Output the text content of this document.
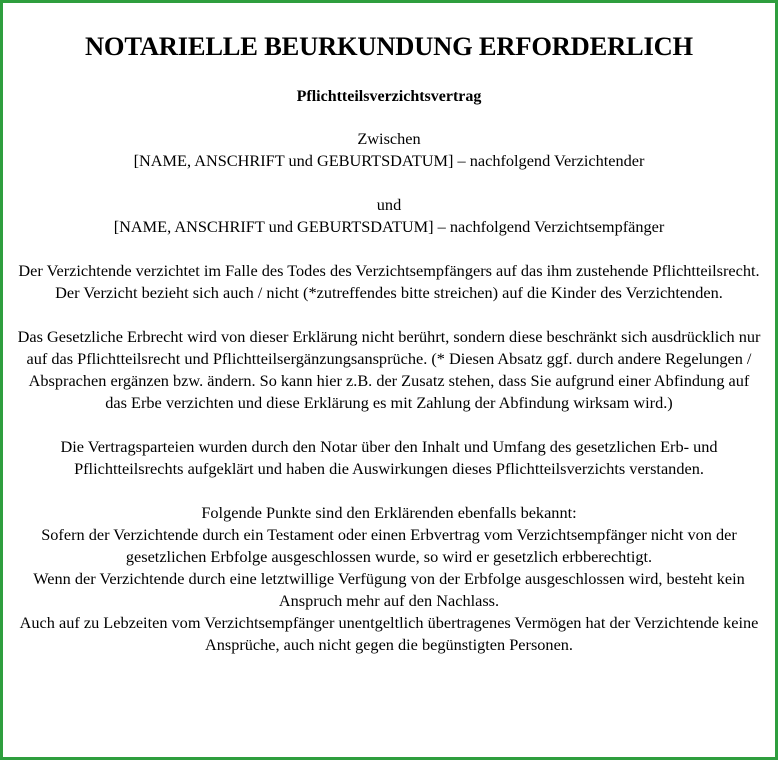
NOTARIELLE BEURKUNDUNG ERFORDERLICH
Pflichtteilsverzichtsvertrag

Zwischen

[NAME, ANSCHRIFT und GEBURTSDATUM] – nachfolgend Verzichtender

und

[NAME, ANSCHRIFT und GEBURTSDATUM] – nachfolgend Verzichtsempfänger

Der Verzichtende verzichtet im Falle des Todes des Verzichtsempfängers auf das ihm zustehende Pflichtteilsrecht. Der Verzicht bezieht sich auch / nicht (*zutreffendes bitte streichen) auf die Kinder des Verzichtenden.

Das Gesetzliche Erbrecht wird von dieser Erklärung nicht berührt, sondern diese beschränkt sich ausdrücklich nur auf das Pflichtteilsrecht und Pflichtteilsergänzungsansprüche. (* Diesen Absatz ggf. durch andere Regelungen / Absprachen ergänzen bzw. ändern. So kann hier z.B. der Zusatz stehen, dass Sie aufgrund einer Abfindung auf das Erbe verzichten und diese Erklärung es mit Zahlung der Abfindung wirksam wird.)

Die Vertragsparteien wurden durch den Notar über den Inhalt und Umfang des gesetzlichen Erb- und Pflichtteilsrechts aufgeklärt und haben die Auswirkungen dieses Pflichtteilsverzichts verstanden.

Folgende Punkte sind den Erklärenden ebenfalls bekannt:

Sofern der Verzichtende durch ein Testament oder einen Erbvertrag vom Verzichtsempfänger nicht von der gesetzlichen Erbfolge ausgeschlossen wurde, so wird er gesetzlich erbberechtigt.

Wenn der Verzichtende durch eine letztwillige Verfügung von der Erbfolge ausgeschlossen wird, besteht kein Anspruch mehr auf den Nachlass.

Auch auf zu Lebzeiten vom Verzichtsempfänger unentgeltlich übertragenes Vermögen hat der Verzichtende keine Ansprüche, auch nicht gegen die begünstigten Personen.
